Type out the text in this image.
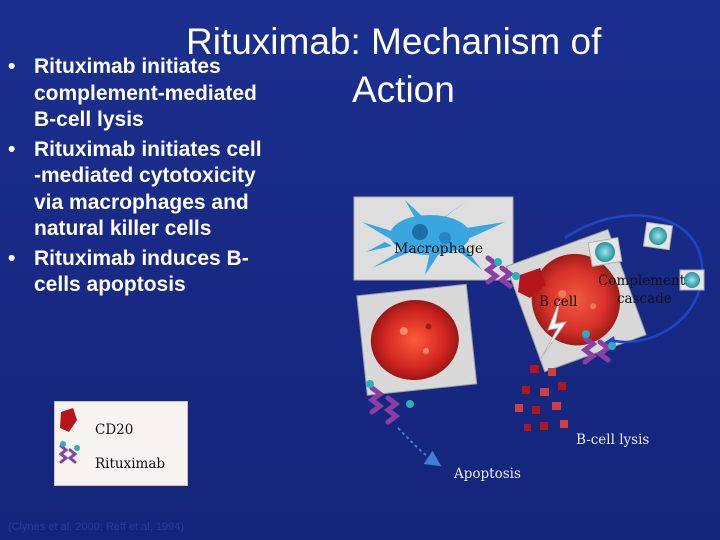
Rituximab: Mechanism of
Action
• Rituximab initiates
complement-mediated
B-cell lysis
• Rituximab initiates cell
-mediated cytotoxicity
via macrophages and
natural killer cells
• Rituximab induces B-
cells apoptosis
Macrophage
B cell
Complement
cascade
B-cell lysis
Apoptosis
CD20
Rituximab
(Clynes et al, 2000; Reff et al, 1994)
